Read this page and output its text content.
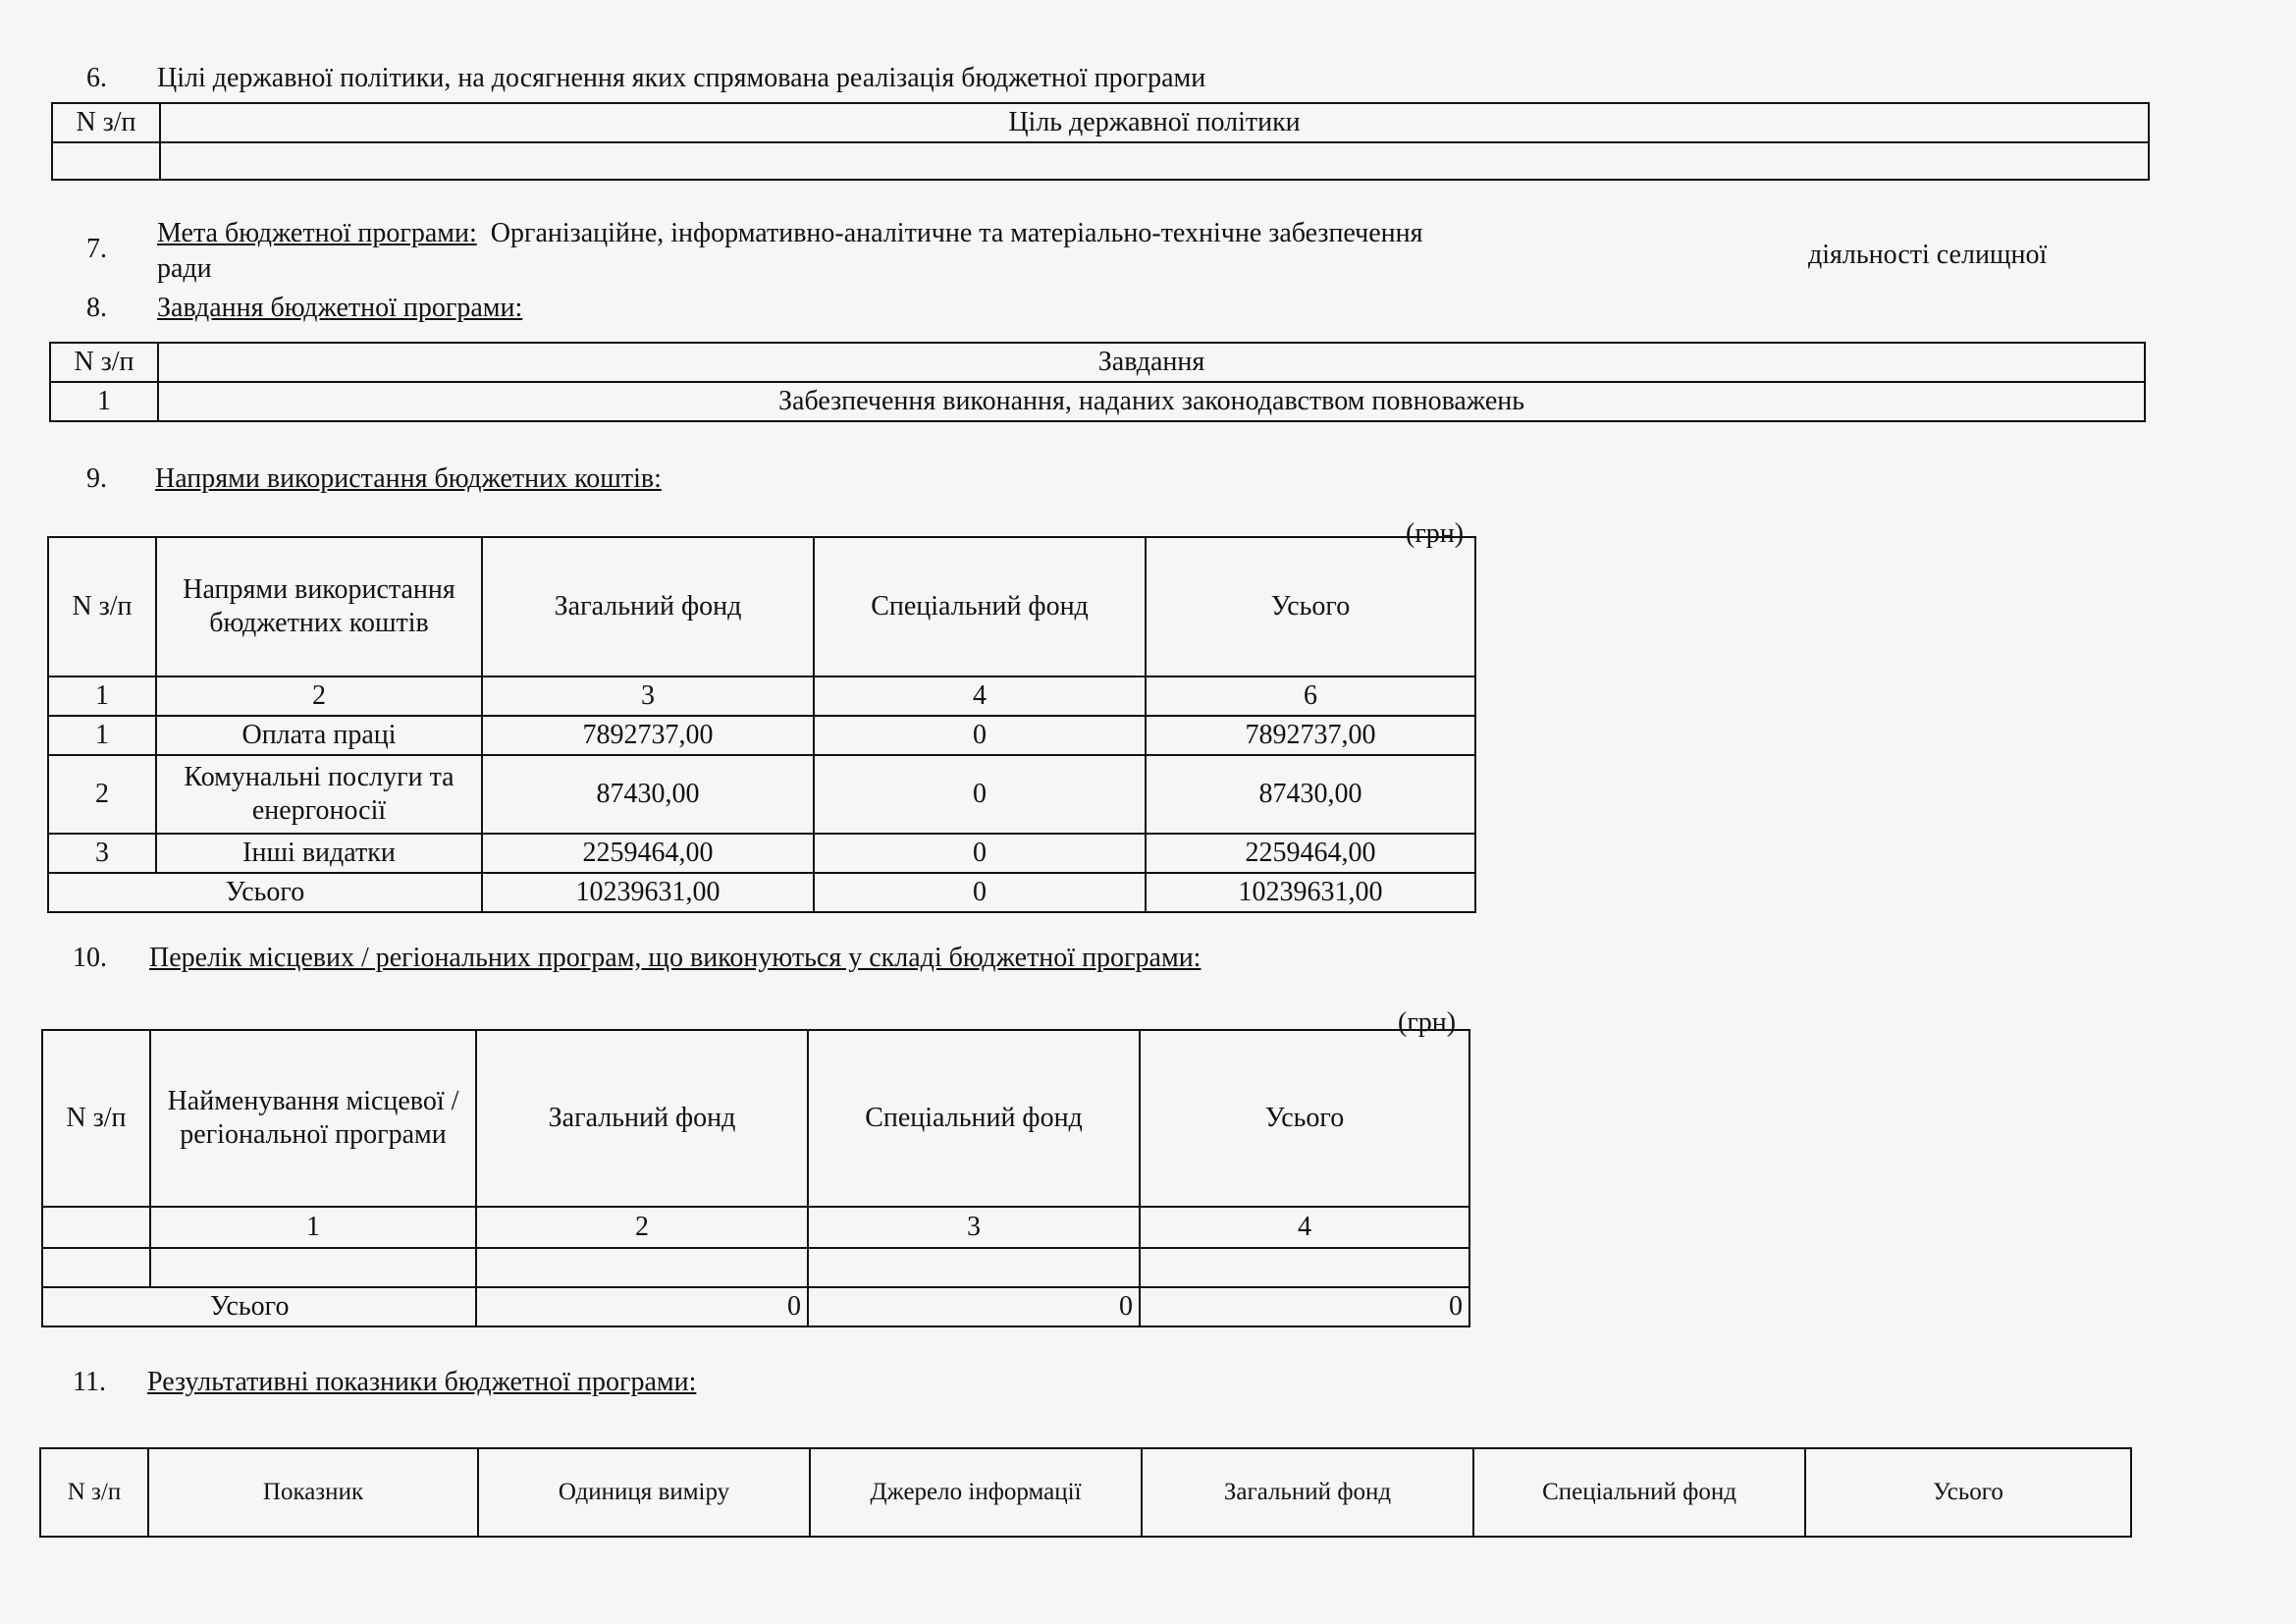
6. Цілі державної політики, на досягнення яких спрямована реалізація бюджетної програми
N з/п	Ціль державної політики

7.
Мета бюджетної програми: Організаційне, інформативно-аналітичне та матеріально-технічне забезпечення
діяльності селищної
ради
8. Завдання бюджетної програми:
N з/п	Завдання
1	Забезпечення виконання, наданих законодавством повноважень
9. Напрями використання бюджетних коштів:
(грн)
N з/п	Напрями використання бюджетних коштів	Загальний фонд	Спеціальний фонд	Усього
1	2	3	4	6
1	Оплата праці	7892737,00	0	7892737,00
2	Комунальні послуги та енергоносії	87430,00	0	87430,00
3	Інші видатки	2259464,00	0	2259464,00
Усього		10239631,00	0	10239631,00
10. Перелік місцевих / регіональних програм, що виконуються у складі бюджетної програми:
(грн)
N з/п	Найменування місцевої / регіональної програми	Загальний фонд	Спеціальний фонд	Усього
	1	2	3	4

Усього		0	0	0
11. Результативні показники бюджетної програми:
N з/п	Показник	Одиниця виміру	Джерело інформації	Загальний фонд	Спеціальний фонд	Усього
